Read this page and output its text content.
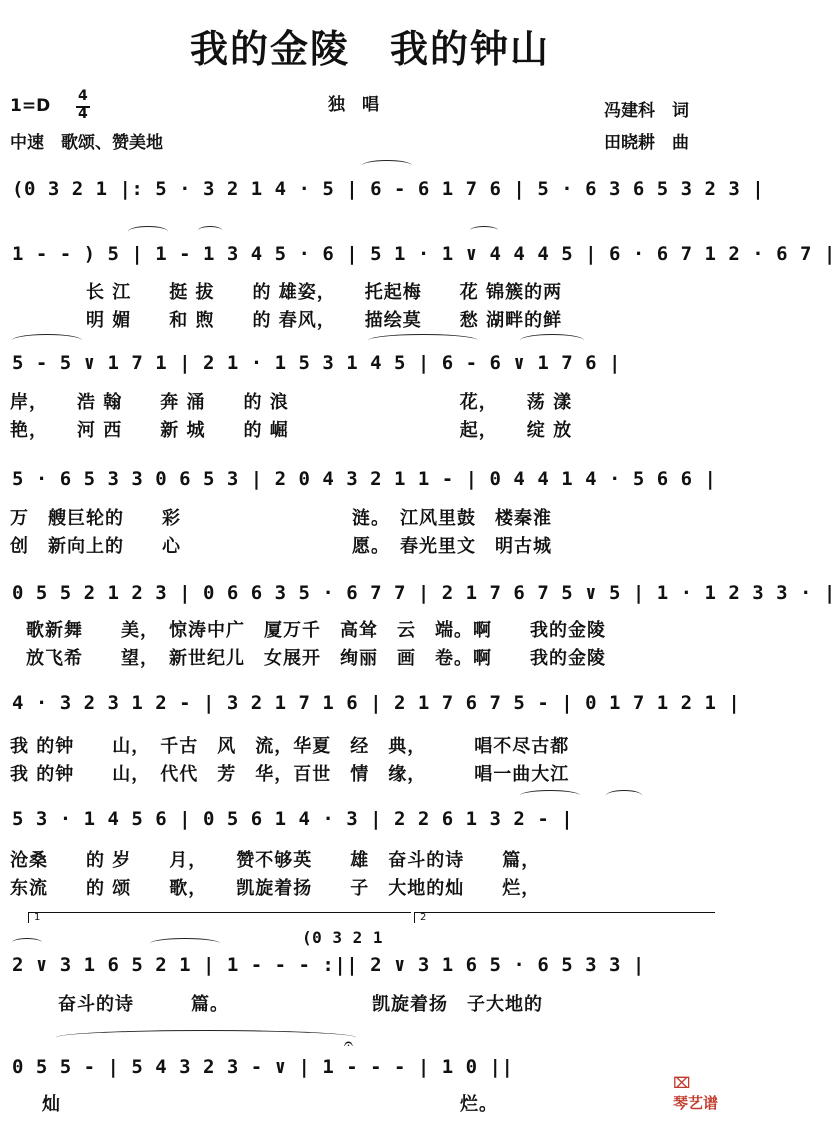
我的金陵　我的钟山
1=D 4
4	独　唱
中速　歌颂、赞美地
冯建科　词
田晓耕　曲
(0 3 2 1 |: 5 · 3 2 1 4 · 5 | 6 - 6 1 7 6 | 5 · 6 3 6 5 3 2 3 |
1 - - ) 5 | 1 - 1 3 4 5 · 6 | 5 1 · 1 ∨ 4 4 4 5 | 6 · 6 7 1 2 · 6 7 |
长 江　　挺 拔　　的 雄姿，　　托起梅　　花 锦簇的两
明 媚　　和 煦　　的 春风，　　描绘莫　　愁 湖畔的鲜
5 - 5 ∨ 1 7 1 | 2 1 · 1 5 3 1 4 5 | 6 - 6 ∨ 1 7 6 |
岸，　　浩 翰　　奔 涌　　的 浪　　　　　　　　　花，　　荡 漾
艳，　　河 西　　新 城　　的 崛　　　　　　　　　起，　　绽 放
5 · 6 5 3 3 0 6 5 3 | 2 0 4 3 2 1 1 - | 0 4 4 1 4 · 5 6 6 |
万　艘巨轮的　　彩　　　　　　　　　涟。　江风里鼓　楼秦淮
创　新向上的　　心　　　　　　　　　愿。　春光里文　明古城
0 5 5 2 1 2 3 | 0 6 6 3 5 · 6 7 7 | 2 1 7 6 7 5 ∨ 5 | 1 · 1 2 3 3 · |
歌新舞　　美，　惊涛中广　厦万千　高耸　云　端。啊　　我的金陵
放飞希　　望，　新世纪儿　女展开　绚丽　画　卷。啊　　我的金陵
4 · 3 2 3 1 2 - | 3 2 1 7 1 6 | 2 1 7 6 7 5 - | 0 1 7 1 2 1 |
我 的钟　　山，　千古　风　流，华夏　经　典，　　　唱不尽古都
我 的钟　　山，　代代　芳　华，百世　情　缘，　　　唱一曲大江
5 3 · 1 4 5 6 | 0 5 6 1 4 · 3 | 2 2 6 1 3 2 - |
沧桑　　的 岁　　月，　　赞不够英　　雄　奋斗的诗　　篇，
东流　　的 颂　　歌，　　凯旋着扬　　子　大地的灿　　烂，
1	2
(0 3 2 1
2 ∨ 3 1 6 5 2 1 | 1 - - - :|| 2 ∨ 3 1 6 5 · 6 5 3 3 |
奋斗的诗　　　篇。　　　　　　　　凯旋着扬　子大地的
0 5 5 - | 5 4 3 2 3 - ∨ | 1 - - - | 1 0 ||
𝄐
灿　　　　　　　　　　　　　　　　　　　　　烂。

⌧
琴艺谱
